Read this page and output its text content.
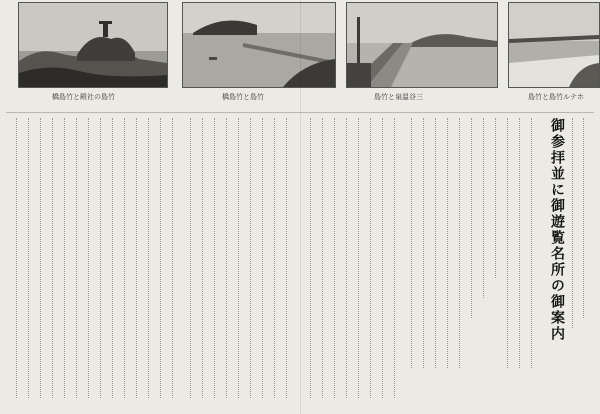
竹島の社殿と竹島橋	竹島と竹島橋	三谷温泉と竹島	ホテル竹島と竹島
御参拝並に御遊覧名所の御案内
